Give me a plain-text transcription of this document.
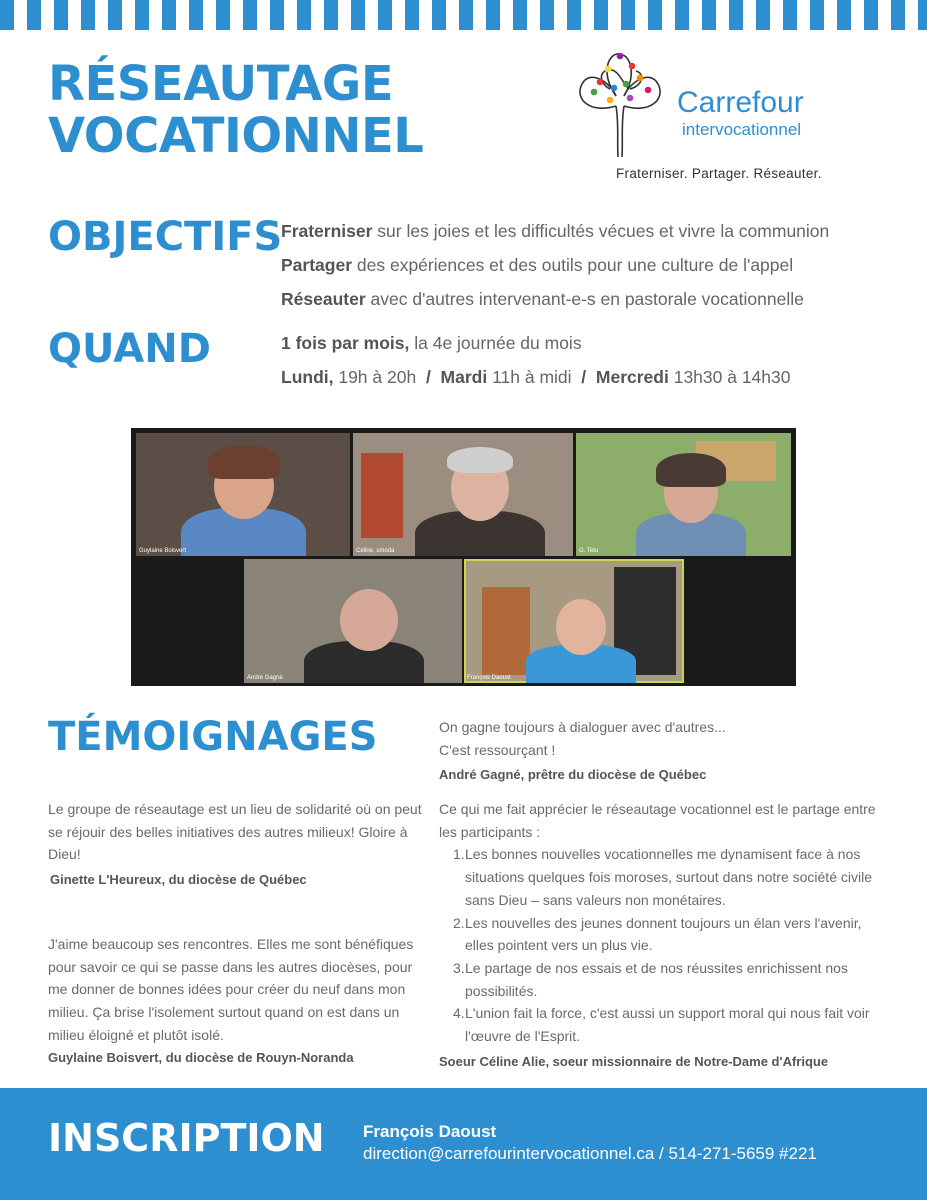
RÉSEAUTAGE
VOCATIONNEL
Carrefour
intervocationnel
Fraterniser. Partager. Réseauter.
OBJECTIFS
Fraterniser sur les joies et les difficultés vécues et vivre la communion
Partager des expériences et des outils pour une culture de l'appel
Réseauter avec d'autres intervenant-e-s en pastorale vocationnelle
QUAND	1 fois par mois, la 4e journée du mois
Lundi, 19h à 20h / Mardi 11h à midi / Mercredi 13h30 à 14h30
Guylaine Boisvert	Céline, smoda	G. Tetu
André Gagné	François Daoust
TÉMOIGNAGES	On gagne toujours à dialoguer avec d'autres...
C'est ressourçant !
André Gagné, prêtre du diocèse de Québec
Le groupe de réseautage est un lieu de solidarité où on peut se réjouir des belles initiatives des autres milieux! Gloire à Dieu!
Ginette L'Heureux, du diocèse de Québec
J'aime beaucoup ses rencontres. Elles me sont bénéfiques pour savoir ce qui se passe dans les autres diocèses, pour me donner de bonnes idées pour créer du neuf dans mon milieu. Ça brise l'isolement surtout quand on est dans un milieu éloigné et plutôt isolé.
Guylaine Boisvert, du diocèse de Rouyn-Noranda
Ce qui me fait apprécier le réseautage vocationnel est le partage entre les participants :
1. Les bonnes nouvelles vocationnelles me dynamisent face à nos situations quelques fois moroses, surtout dans notre société civile sans Dieu – sans valeurs non monétaires.
2. Les nouvelles des jeunes donnent toujours un élan vers l'avenir, elles pointent vers un plus vie.
3. Le partage de nos essais et de nos réussites enrichissent nos possibilités.
4. L'union fait la force, c'est aussi un support moral qui nous fait voir l'œuvre de l'Esprit.
Soeur Céline Alie, soeur missionnaire de Notre-Dame d'Afrique
INSCRIPTION François Daoust
direction@carrefourintervocationnel.ca / 514-271-5659 #221
